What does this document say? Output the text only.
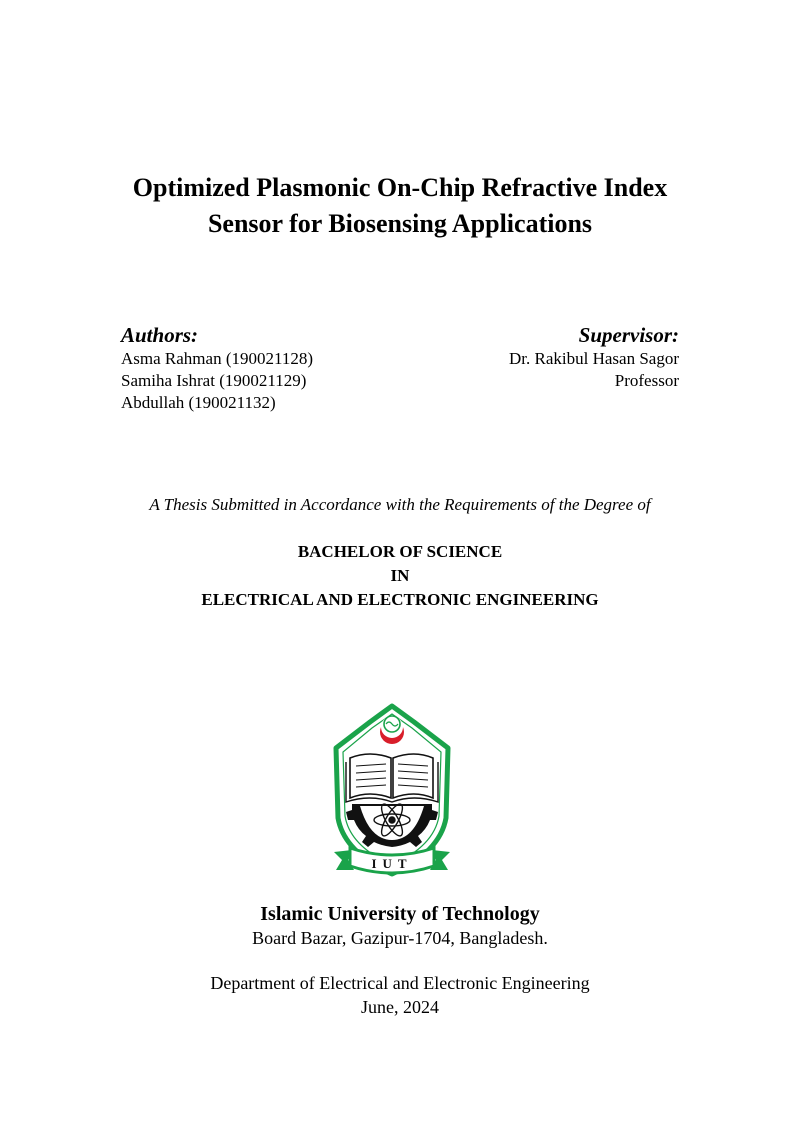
Optimized Plasmonic On-Chip Refractive Index
Sensor for Biosensing Applications
Authors:
Asma Rahman (190021128)
Samiha Ishrat (190021129)
Abdullah (190021132)
Supervisor:
Dr. Rakibul Hasan Sagor
Professor
A Thesis Submitted in Accordance with the Requirements of the Degree of
BACHELOR OF SCIENCE
IN
ELECTRICAL AND ELECTRONIC ENGINEERING
IUT
Islamic University of Technology
Board Bazar, Gazipur-1704, Bangladesh.
Department of Electrical and Electronic Engineering
June, 2024
